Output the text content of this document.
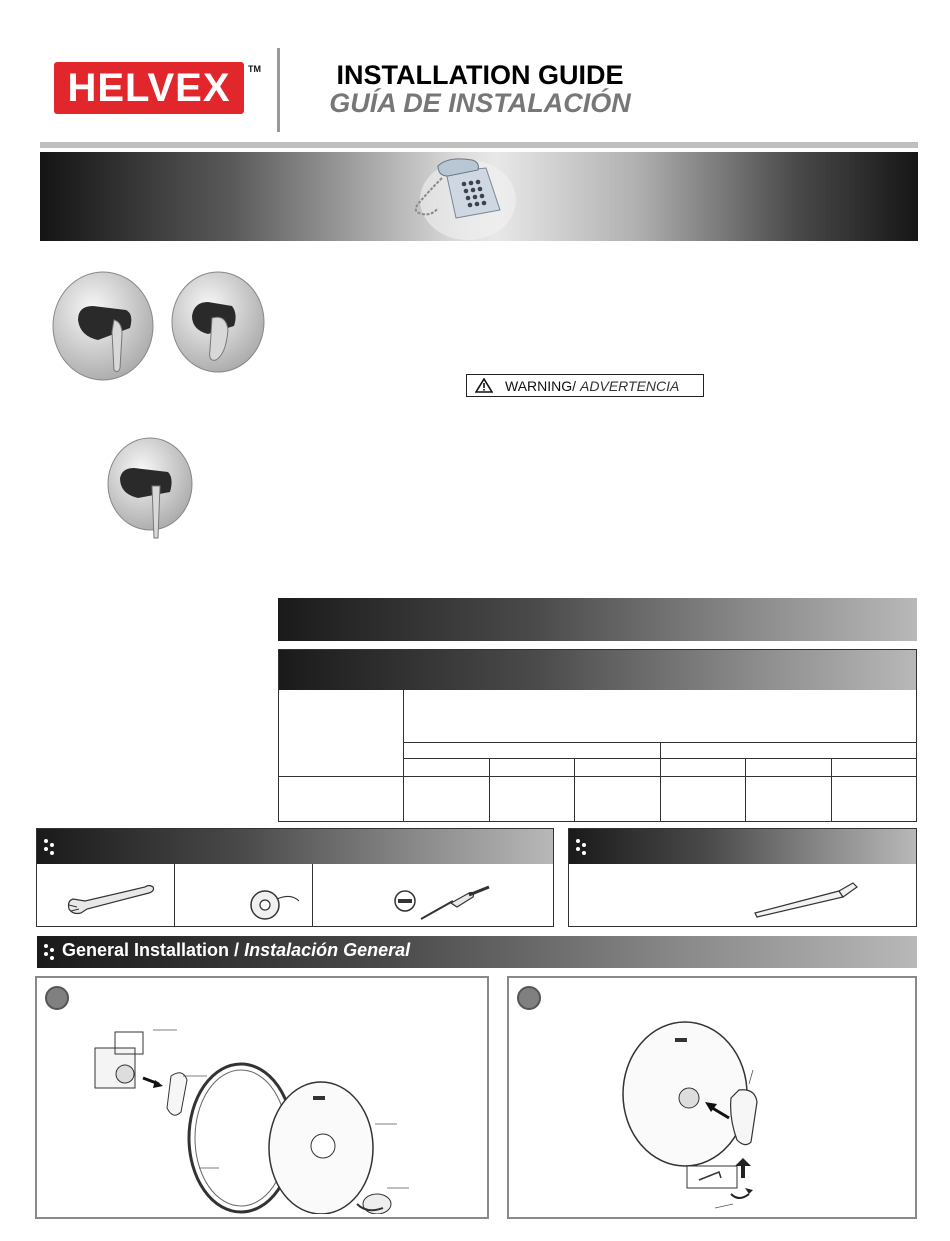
HELVEX TM	INSTALLATION GUIDE
GUÍA DE INSTALACIÓN
WARNING / ADVERTENCIA
General Installation / Instalación General
